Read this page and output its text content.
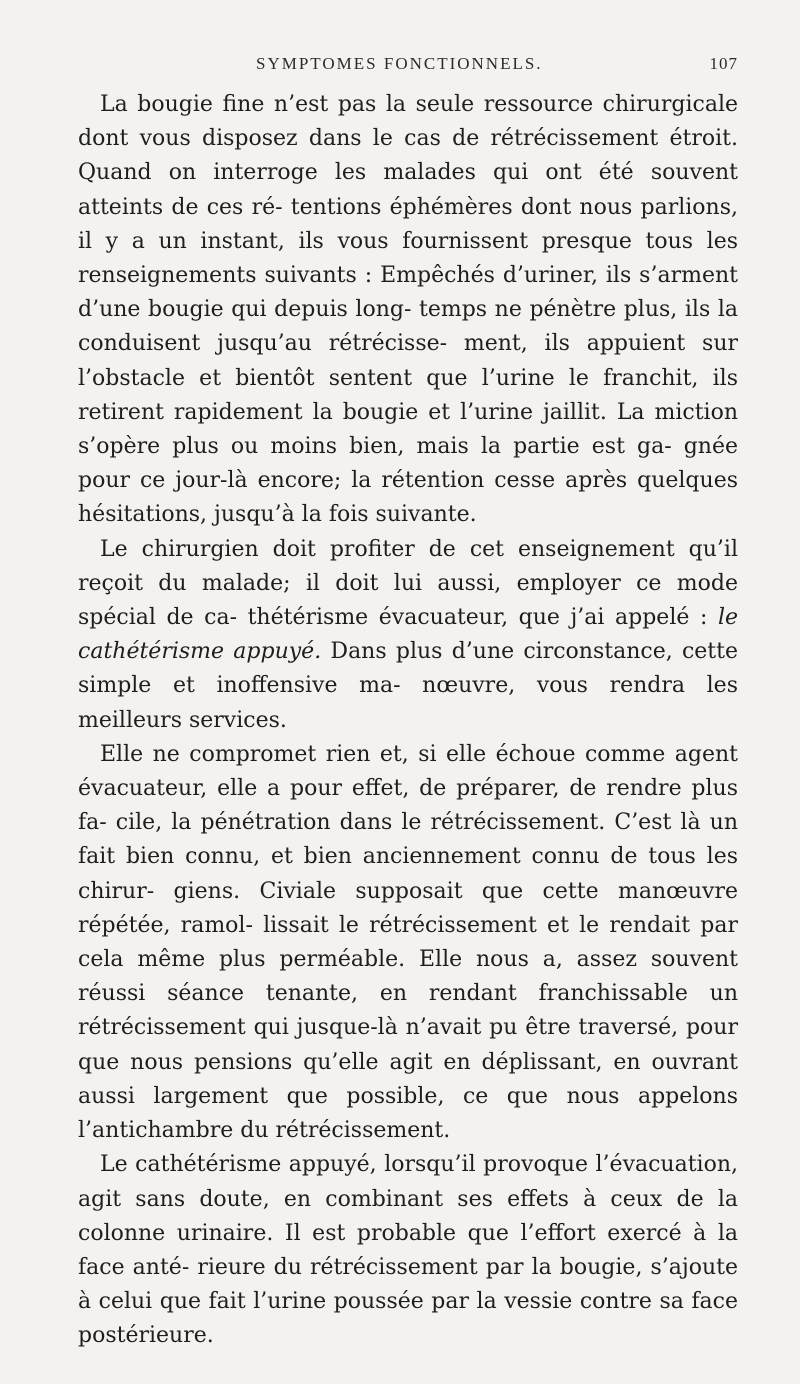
SYMPTOMES FONCTIONNELS.	107

La bougie fine n’est pas la seule ressource chirurgicale dont vous disposez dans le cas de rétrécissement étroit. Quand on interroge les malades qui ont été souvent atteints de ces ré- tentions éphémères dont nous parlions, il y a un instant, ils vous fournissent presque tous les renseignements suivants : Empêchés d’uriner, ils s’arment d’une bougie qui depuis long- temps ne pénètre plus, ils la conduisent jusqu’au rétrécisse- ment, ils appuient sur l’obstacle et bientôt sentent que l’urine le franchit, ils retirent rapidement la bougie et l’urine jaillit. La miction s’opère plus ou moins bien, mais la partie est ga- gnée pour ce jour-là encore; la rétention cesse après quelques hésitations, jusqu’à la fois suivante.

Le chirurgien doit profiter de cet enseignement qu’il reçoit du malade; il doit lui aussi, employer ce mode spécial de ca- thétérisme évacuateur, que j’ai appelé : le cathétérisme appuyé. Dans plus d’une circonstance, cette simple et inoffensive ma- nœuvre, vous rendra les meilleurs services.

Elle ne compromet rien et, si elle échoue comme agent évacuateur, elle a pour effet, de préparer, de rendre plus fa- cile, la pénétration dans le rétrécissement. C’est là un fait bien connu, et bien anciennement connu de tous les chirur- giens. Civiale supposait que cette manœuvre répétée, ramol- lissait le rétrécissement et le rendait par cela même plus perméable. Elle nous a, assez souvent réussi séance tenante, en rendant franchissable un rétrécissement qui jusque-là n’avait pu être traversé, pour que nous pensions qu’elle agit en déplissant, en ouvrant aussi largement que possible, ce que nous appelons l’antichambre du rétrécissement.

Le cathétérisme appuyé, lorsqu’il provoque l’évacuation, agit sans doute, en combinant ses effets à ceux de la colonne urinaire. Il est probable que l’effort exercé à la face anté- rieure du rétrécissement par la bougie, s’ajoute à celui que fait l’urine poussée par la vessie contre sa face postérieure.
